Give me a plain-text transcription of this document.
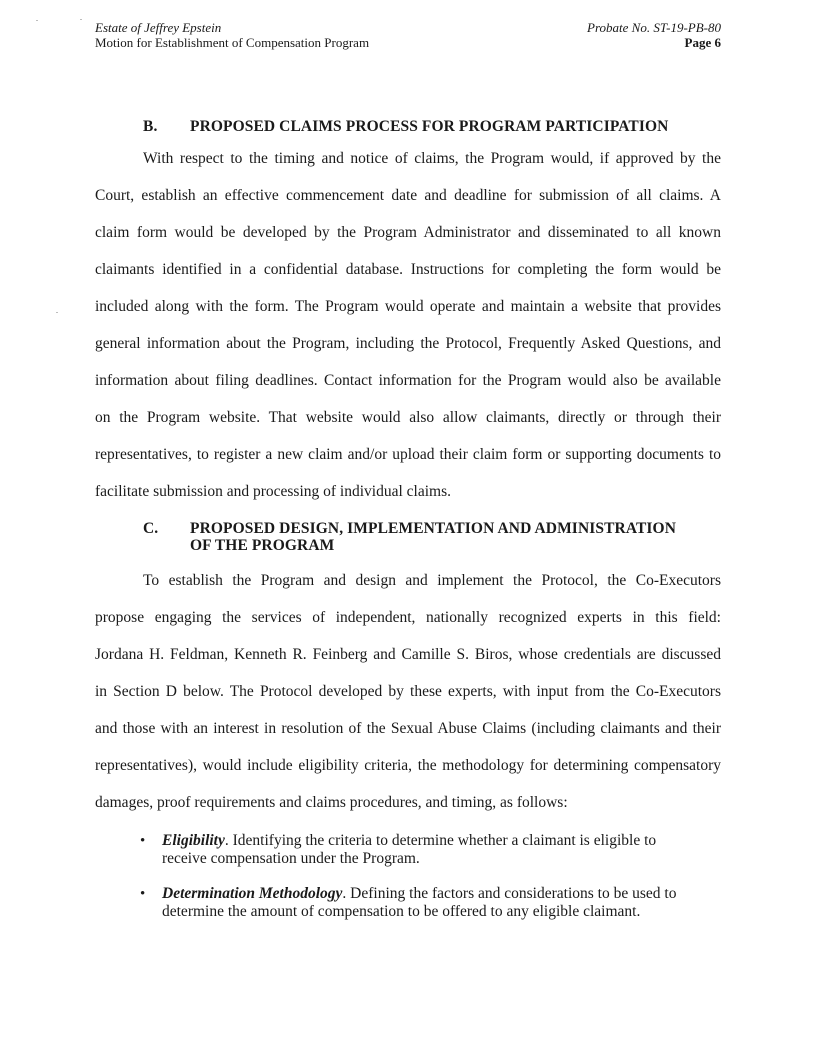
Estate of Jeffrey Epstein
Motion for Establishment of Compensation Program
Probate No. ST-19-PB-80
Page 6
B. PROPOSED CLAIMS PROCESS FOR PROGRAM PARTICIPATION
With respect to the timing and notice of claims, the Program would, if approved by the
Court, establish an effective commencement date and deadline for submission of all claims. A
claim form would be developed by the Program Administrator and disseminated to all known
claimants identified in a confidential database. Instructions for completing the form would be
included along with the form. The Program would operate and maintain a website that provides
general information about the Program, including the Protocol, Frequently Asked Questions, and
information about filing deadlines. Contact information for the Program would also be available
on the Program website. That website would also allow claimants, directly or through their
representatives, to register a new claim and/or upload their claim form or supporting documents to
facilitate submission and processing of individual claims.
C. PROPOSED DESIGN, IMPLEMENTATION AND ADMINISTRATION
OF THE PROGRAM
To establish the Program and design and implement the Protocol, the Co-Executors
propose engaging the services of independent, nationally recognized experts in this field:
Jordana H. Feldman, Kenneth R. Feinberg and Camille S. Biros, whose credentials are discussed
in Section D below. The Protocol developed by these experts, with input from the Co-Executors
and those with an interest in resolution of the Sexual Abuse Claims (including claimants and their
representatives), would include eligibility criteria, the methodology for determining compensatory
damages, proof requirements and claims procedures, and timing, as follows:
• Eligibility. Identifying the criteria to determine whether a claimant is eligible to
receive compensation under the Program.
• Determination Methodology. Defining the factors and considerations to be used to
determine the amount of compensation to be offered to any eligible claimant.
